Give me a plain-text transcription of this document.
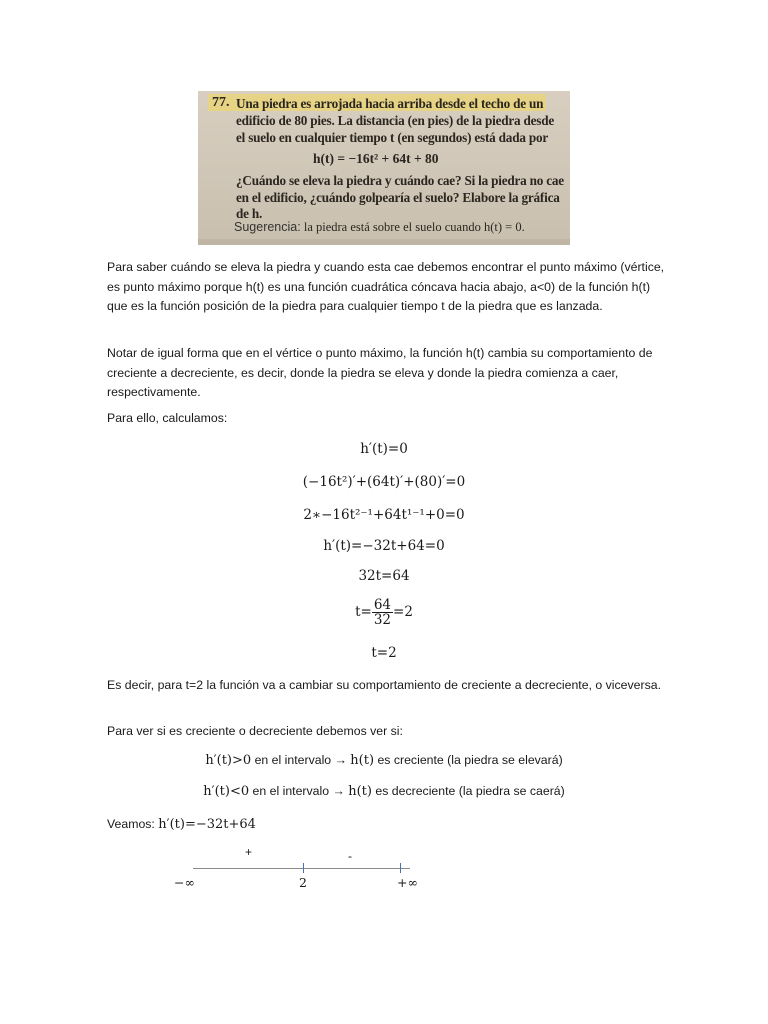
77. Una piedra es arrojada hacia arriba desde el techo de un
edificio de 80 pies. La distancia (en pies) de la piedra desde
el suelo en cualquier tiempo t (en segundos) está dada por
h(t) = −16t² + 64t + 80
¿Cuándo se eleva la piedra y cuándo cae? Si la piedra no cae
en el edificio, ¿cuándo golpearía el suelo? Elabore la gráfica
de h.
Sugerencia: la piedra está sobre el suelo cuando h(t) = 0.

Para saber cuándo se eleva la piedra y cuando esta cae debemos encontrar el punto máximo (vértice, es punto máximo porque h(t) es una función cuadrática cóncava hacia abajo, a<0) de la función h(t) que es la función posición de la piedra para cualquier tiempo t de la piedra que es lanzada.

Notar de igual forma que en el vértice o punto máximo, la función h(t) cambia su comportamiento de creciente a decreciente, es decir, donde la piedra se eleva y donde la piedra comienza a caer, respectivamente.

Para ello, calculamos:

h′(t)=0
(−16t²)′+(64t)′+(80)′=0
2∗−16t²⁻¹+64t¹⁻¹+0=0
h′(t)=−32t+64=0
32t=64
$t= \frac{64}{32} =2$
t=2

Es decir, para t=2 la función va a cambiar su comportamiento de creciente a decreciente, o viceversa.

Para ver si es creciente o decreciente debemos ver si:

h′(t)>0 en el intervalo → h(t) es creciente (la piedra se elevará)
h′(t)<0 en el intervalo → h(t) es decreciente (la piedra se caerá)
Veamos: h′(t)=−32t+64
+	-
−∞	2	+∞
